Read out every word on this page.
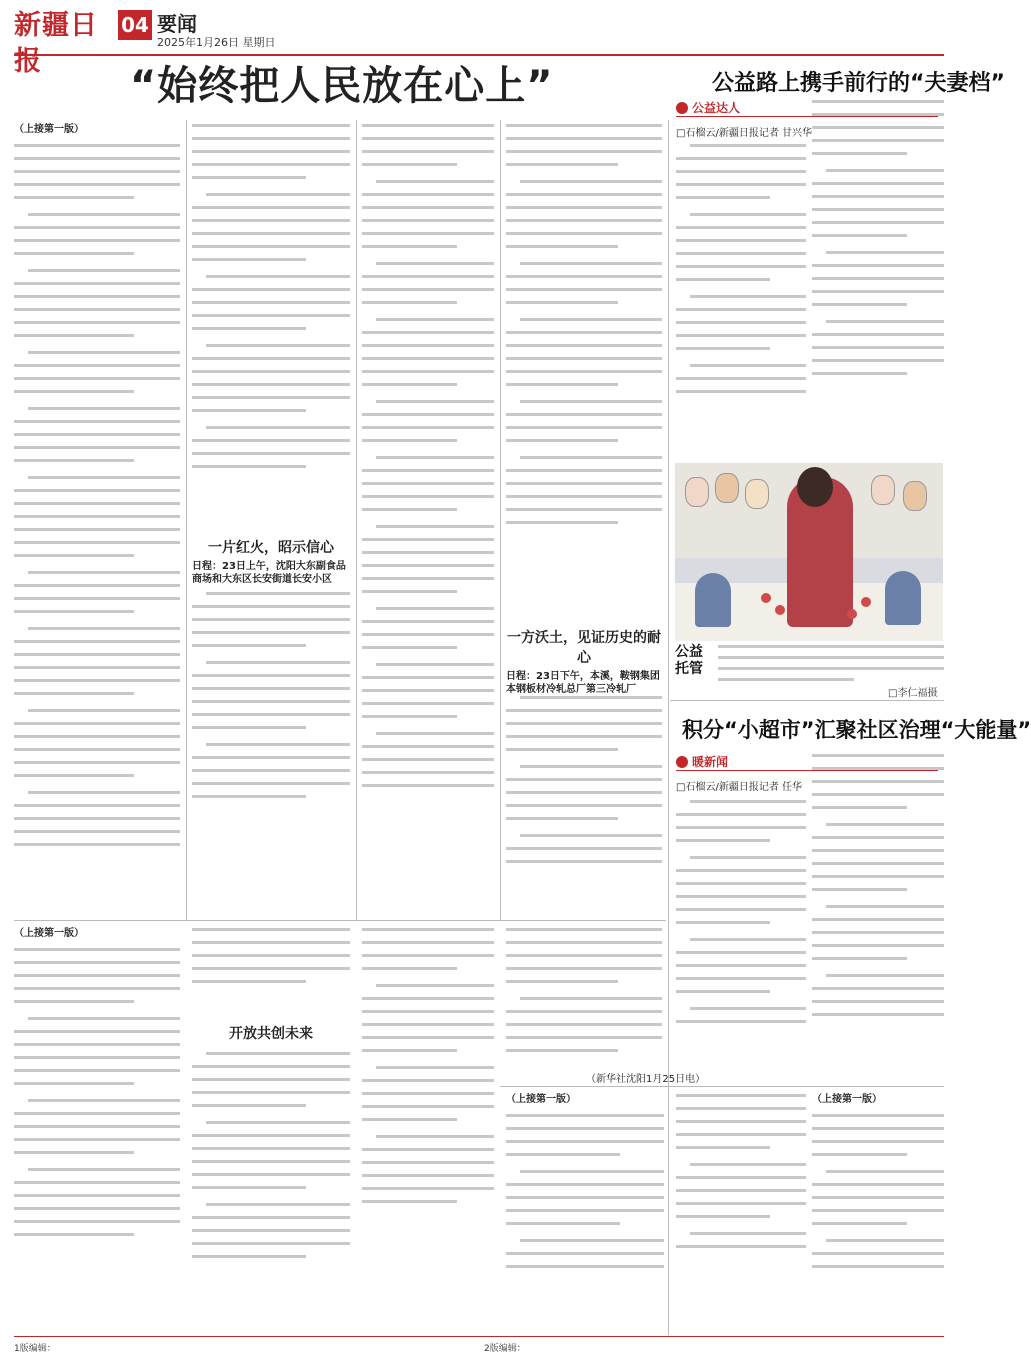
新疆日报
04 要闻
2025年1月26日 星期日
“始终把人民放在心上”
（上接第一版）
一片红火，昭示信心
日程：23日上午，沈阳大东副食品商场和大东区长安街道长安小区
一方沃土，见证历史的耐心
日程：23日下午，本溪，鞍钢集团本钢板材冷轧总厂第三冷轧厂
（上接第一版）
开放共创未来
（新华社沈阳1月25日电）
公益路上携手前行的“夫妻档”
公益达人
□石榴云/新疆日报记者 甘兴华
公益托管
□李仁福摄
积分“小超市”汇聚社区治理“大能量”
暖新闻
□石榴云/新疆日报记者 任华
（上接第一版）	（上接第一版）
1版编辑：	2版编辑：
